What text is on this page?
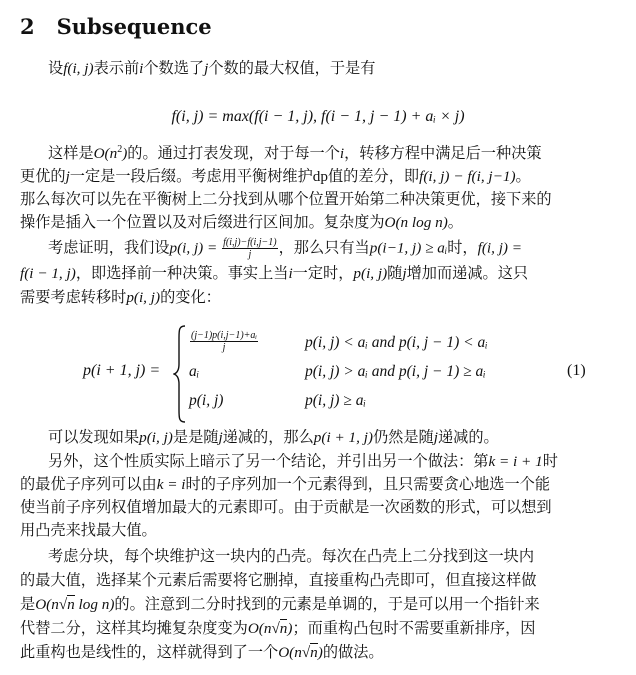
2 Subsequence
设f(i, j)表示前i个数选了j个数的最大权值，于是有
f(i, j) = max(f(i − 1, j), f(i − 1, j − 1) + aᵢ × j)
这样是$O(n^2)$的。通过打表发现，对于每一个i，转移方程中满足后一种决策
更优的j一定是一段后缀。考虑用平衡树维护dp值的差分，即f(i, j) − f(i, j−1)。
那么每次可以先在平衡树上二分找到从哪个位置开始第二种决策更优，接下来的
操作是插入一个位置以及对后缀进行区间加。复杂度为O(n log n)。
考虑证明，我们设p(i, $j) = \frac{f(i,j)-f(i,j-1)}{j}$ ，那么只有当p(i−1, j) ≥ aᵢ时，f(i, j) =
f(i − 1, j)，即选择前一种决策。事实上当i一定时，p(i, j)随j增加而递减。这只
需要考虑转移时p(i, j)的变化：
p(i + 1, j) =
$\frac{\text{(j−1)p(i,j−1)+aᵢ}}{j}$	p(i, j) < aᵢ and p(i, j − 1) < aᵢ
aᵢ	p(i, j) > aᵢ and p(i, j − 1) ≥ aᵢ
p(i, j)	p(i, j) ≥ aᵢ
(1)
可以发现如果p(i, j)是是随j递减的，那么p(i + 1, j)仍然是随j递减的。
另外，这个性质实际上暗示了另一个结论，并引出另一个做法：第k = i + 1时
的最优子序列可以由k = i时的子序列加一个元素得到，且只需要贪心地选一个能
使当前子序列权值增加最大的元素即可。由于贡献是一次函数的形式，可以想到
用凸壳来找最大值。
考虑分块，每个块维护这一块内的凸壳。每次在凸壳上二分找到这一块内
的最大值，选择某个元素后需要将它删掉，直接重构凸壳即可，但直接这样做
是O(n√n log n)的。注意到二分时找到的元素是单调的，于是可以用一个指针来
代替二分，这样其均摊复杂度变为O(n√n)；而重构凸包时不需要重新排序，因
此重构也是线性的，这样就得到了一个O(n√n)的做法。
